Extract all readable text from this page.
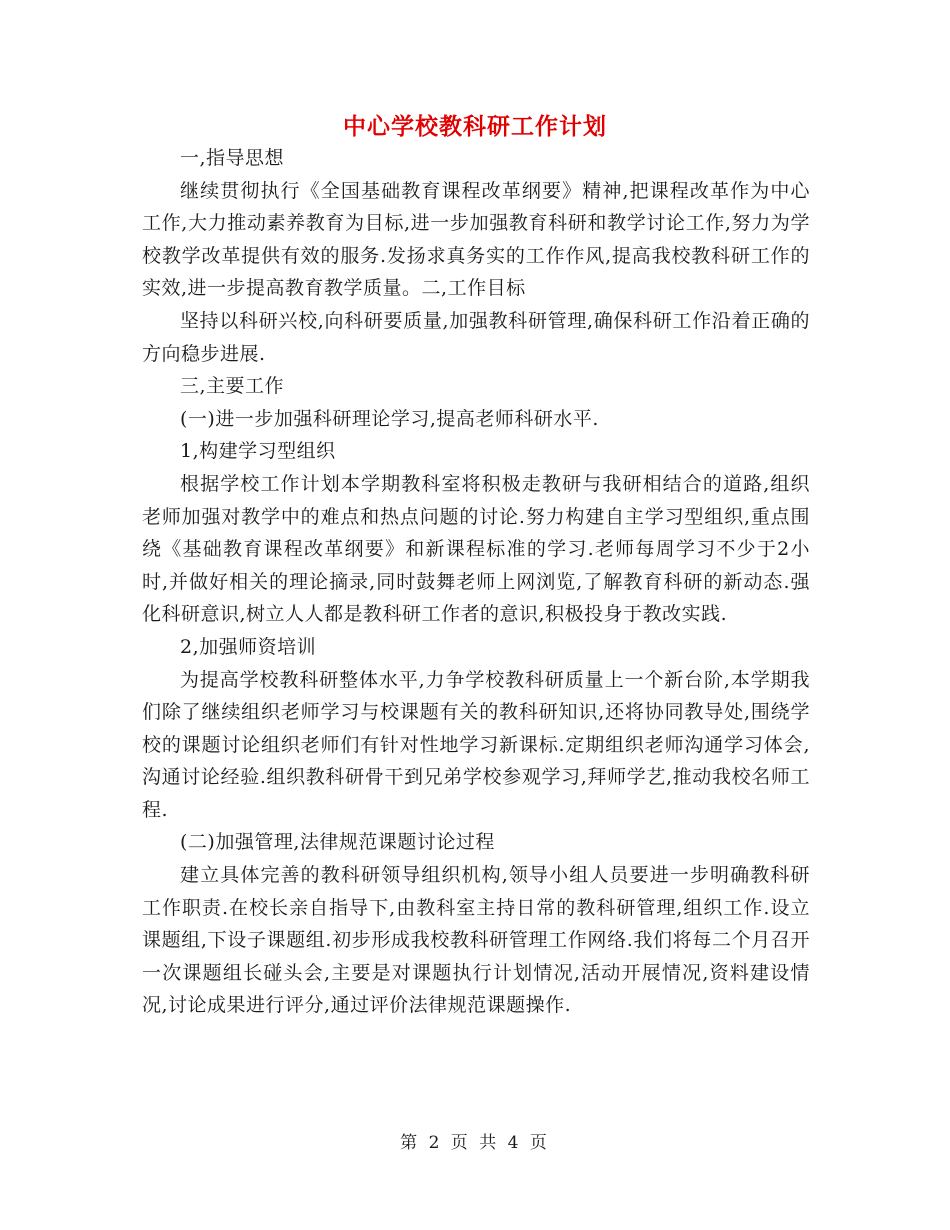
中心学校教科研工作计划

一,指导思想

继续贯彻执行《全国基础教育课程改革纲要》精神,把课程改革作为中心工作,大力推动素养教育为目标,进一步加强教育科研和教学讨论工作,努力为学校教学改革提供有效的服务.发扬求真务实的工作作风,提高我校教科研工作的实效,进一步提高教育教学质量。二,工作目标

坚持以科研兴校,向科研要质量,加强教科研管理,确保科研工作沿着正确的方向稳步进展.

三,主要工作

(一)进一步加强科研理论学习,提高老师科研水平.

1,构建学习型组织

根据学校工作计划本学期教科室将积极走教研与我研相结合的道路,组织老师加强对教学中的难点和热点问题的讨论.努力构建自主学习型组织,重点围绕《基础教育课程改革纲要》和新课程标准的学习.老师每周学习不少于2小时,并做好相关的理论摘录,同时鼓舞老师上网浏览,了解教育科研的新动态.强化科研意识,树立人人都是教科研工作者的意识,积极投身于教改实践.

2,加强师资培训

为提高学校教科研整体水平,力争学校教科研质量上一个新台阶,本学期我们除了继续组织老师学习与校课题有关的教科研知识,还将协同教导处,围绕学校的课题讨论组织老师们有针对性地学习新课标.定期组织老师沟通学习体会,沟通讨论经验.组织教科研骨干到兄弟学校参观学习,拜师学艺,推动我校名师工程.

(二)加强管理,法律规范课题讨论过程

建立具体完善的教科研领导组织机构,领导小组人员要进一步明确教科研工作职责.在校长亲自指导下,由教科室主持日常的教科研管理,组织工作.设立课题组,下设子课题组.初步形成我校教科研管理工作网络.我们将每二个月召开一次课题组长碰头会,主要是对课题执行计划情况,活动开展情况,资料建设情况,讨论成果进行评分,通过评价法律规范课题操作.

第 2 页 共 4 页
